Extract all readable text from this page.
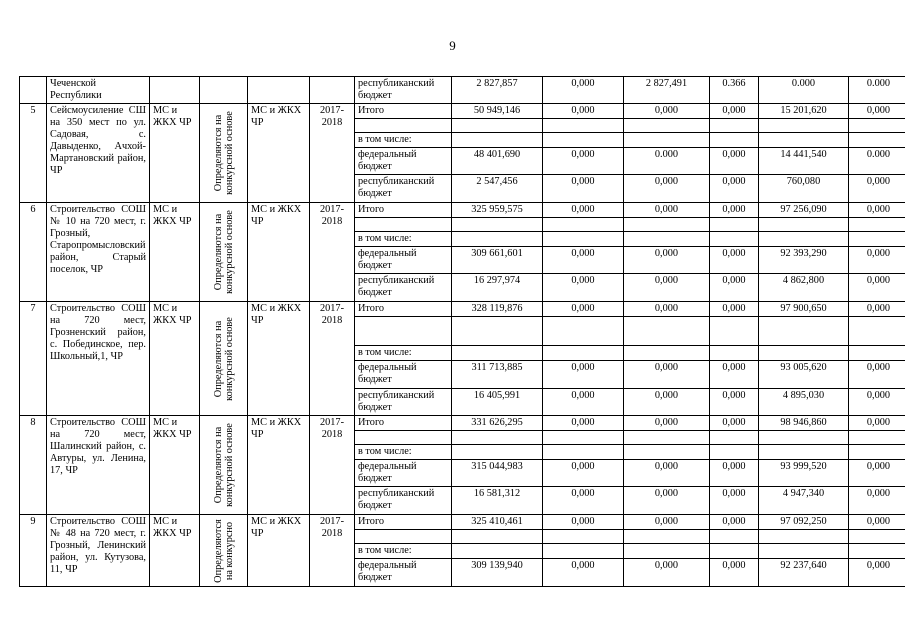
9
	Чеченской Республики					республиканский бюджет	2 827,857	0,000	2 827,491	0.366	0.000	0.000
5	Сейсмоусиление СШ на 350 мест по ул. Садовая, с. Давыденко, Ачхой-Мартановский район, ЧР	МС и ЖКХ ЧР	Определяются на конкурсной основе	МС и ЖКХ ЧР	2017-2018	Итого	50 949,146	0,000	0,000	0,000	15 201,620	0,000

						в том числе:						
						федеральный бюджет	48 401,690	0,000	0.000	0,000	14 441,540	0.000
						республиканский бюджет	2 547,456	0,000	0,000	0,000	760,080	0,000
6	Строительство СОШ № 10 на 720 мест, г. Грозный, Старопромысловский район, Старый поселок, ЧР	МС и ЖКХ ЧР	Определяются на конкурсной основе	МС и ЖКХ ЧР	2017-2018	Итого	325 959,575	0,000	0,000	0,000	97 256,090	0,000

						в том числе:						
						федеральный бюджет	309 661,601	0,000	0,000	0,000	92 393,290	0,000
						республиканский бюджет	16 297,974	0,000	0,000	0,000	4 862,800	0,000
7	Строительство СОШ на 720 мест, Грозненский район, с. Побединское, пер. Школьный,1, ЧР	МС и ЖКХ ЧР	Определяются на конкурсной основе	МС и ЖКХ ЧР	2017-2018	Итого	328 119,876	0,000	0,000	0,000	97 900,650	0,000

						в том числе:						
						федеральный бюджет	311 713,885	0,000	0,000	0,000	93 005,620	0,000
						республиканский бюджет	16 405,991	0,000	0,000	0,000	4 895,030	0,000
8	Строительство СОШ на 720 мест, Шалинский район, с. Автуры, ул. Ленина, 17, ЧР	МС и ЖКХ ЧР	Определяются на конкурсной основе	МС и ЖКХ ЧР	2017-2018	Итого	331 626,295	0,000	0,000	0,000	98 946,860	0,000

						в том числе:						
						федеральный бюджет	315 044,983	0,000	0,000	0,000	93 999,520	0,000
						республиканский бюджет	16 581,312	0,000	0,000	0,000	4 947,340	0,000
9	Строительство СОШ № 48 на 720 мест, г. Грозный, Ленинский район, ул. Кутузова, 11, ЧР	МС и ЖКХ ЧР	Определяются на конкурсно	МС и ЖКХ ЧР	2017-2018	Итого	325 410,461	0,000	0,000	0,000	97 092,250	0,000

						в том числе:						
						федеральный бюджет	309 139,940	0,000	0,000	0,000	92 237,640	0,000
